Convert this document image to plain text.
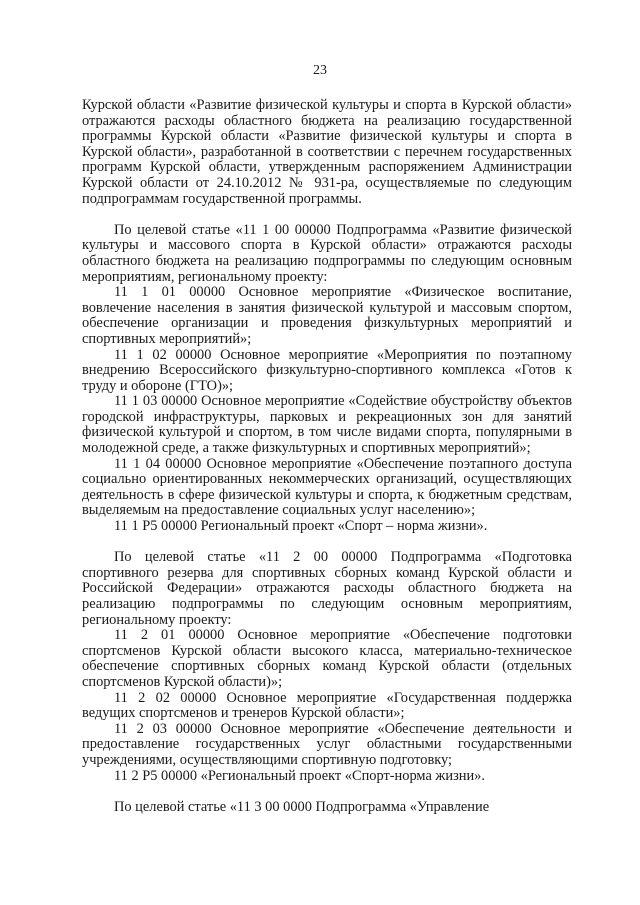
23

Курской области «Развитие физической культуры и спорта в Курской области» отражаются расходы областного бюджета на реализацию государственной программы Курской области «Развитие физической культуры и спорта в Курской области», разработанной в соответствии с перечнем государственных программ Курской области, утвержденным распоряжением Администрации Курской области от 24.10.2012 № 931-ра, осуществляемые по следующим подпрограммам государственной программы.

По целевой статье «11 1 00 00000 Подпрограмма «Развитие физической культуры и массового спорта в Курской области» отражаются расходы областного бюджета на реализацию подпрограммы по следующим основным мероприятиям, региональному проекту:

11 1 01 00000 Основное мероприятие «Физическое воспитание, вовлечение населения в занятия физической культурой и массовым спортом, обеспечение организации и проведения физкультурных мероприятий и спортивных мероприятий»;

11 1 02 00000 Основное мероприятие «Мероприятия по поэтапному внедрению Всероссийского физкультурно-спортивного комплекса «Готов к труду и обороне (ГТО)»;

11 1 03 00000 Основное мероприятие «Содействие обустройству объектов городской инфраструктуры, парковых и рекреационных зон для занятий физической культурой и спортом, в том числе видами спорта, популярными в молодежной среде, а также физкультурных и спортивных мероприятий»;

11 1 04 00000 Основное мероприятие «Обеспечение поэтапного доступа социально ориентированных некоммерческих организаций, осуществляющих деятельность в сфере физической культуры и спорта, к бюджетным средствам, выделяемым на предоставление социальных услуг населению»;

11 1 P5 00000 Региональный проект «Спорт – норма жизни».

По целевой статье «11 2 00 00000 Подпрограмма «Подготовка спортивного резерва для спортивных сборных команд Курской области и Российской Федерации» отражаются расходы областного бюджета на реализацию подпрограммы по следующим основным мероприятиям, региональному проекту:

11 2 01 00000 Основное мероприятие «Обеспечение подготовки спортсменов Курской области высокого класса, материально-техническое обеспечение спортивных сборных команд Курской области (отдельных спортсменов Курской области)»;

11 2 02 00000 Основное мероприятие «Государственная поддержка ведущих спортсменов и тренеров Курской области»;

11 2 03 00000 Основное мероприятие «Обеспечение деятельности и предоставление государственных услуг областными государственными учреждениями, осуществляющими спортивную подготовку;

11 2 P5 00000 «Региональный проект «Спорт-норма жизни».

По целевой статье «11 3 00 0000 Подпрограмма «Управление
